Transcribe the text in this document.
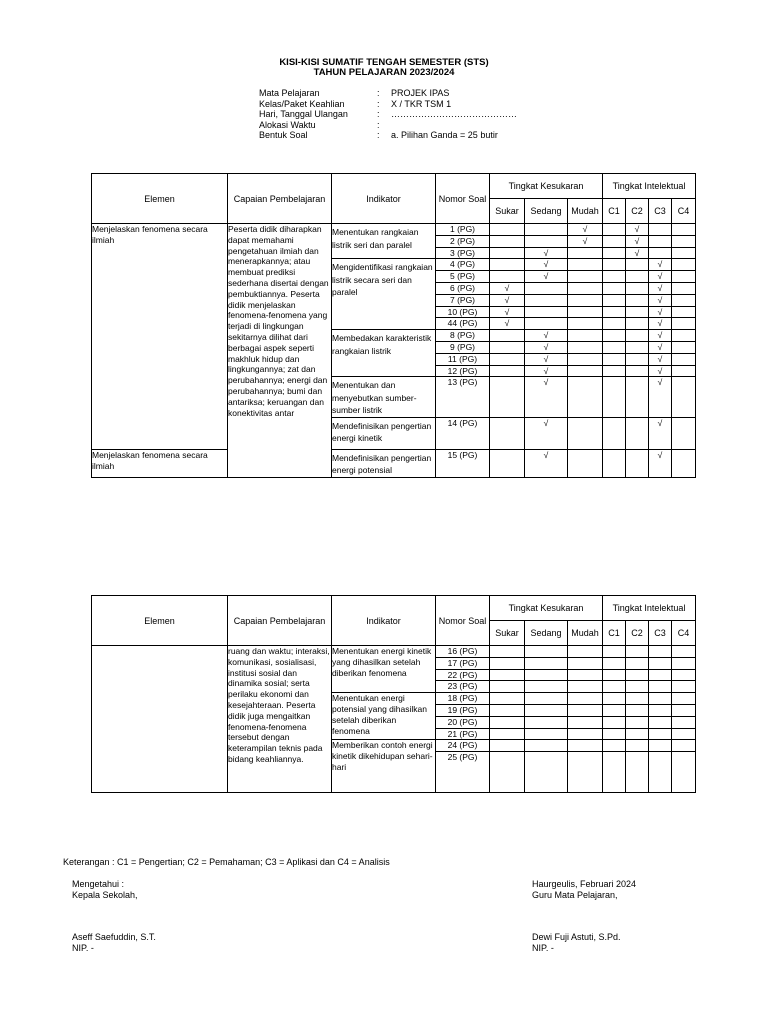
KISI-KISI SUMATIF TENGAH SEMESTER (STS)
TAHUN PELAJARAN 2023/2024
Mata Pelajaran	:	PROJEK IPAS
Kelas/Paket Keahlian	:	X / TKR TSM 1
Hari, Tanggal Ulangan	:	……………………………………
Alokasi Waktu	:
Bentuk Soal	:	a. Pilihan Ganda = 25 butir
Elemen	Capaian Pembelajaran	Indikator	Nomor Soal	Tingkat Kesukaran			Tingkat Intelektual			
				Sukar	Sedang	Mudah	C1	C2	C3	C4
Menjelaskan fenomena secara ilmiah	Peserta didik diharapkan dapat memahami pengetahuan ilmiah dan menerapkannya; atau membuat prediksi sederhana disertai dengan pembuktiannya. Peserta didik menjelaskan fenomena-fenomena yang terjadi di lingkungan sekitarnya dilihat dari berbagai aspek seperti makhluk hidup dan lingkungannya; zat dan perubahannya; energi dan perubahannya; bumi dan antariksa; keruangan dan konektivitas antar	Menentukan rangkaian listrik seri dan paralel	1 (PG)			√		√		
			2 (PG)			√		√		
			3 (PG)		√			√		
		Mengidentifikasi rangkaian listrik secara seri dan paralel	4 (PG)		√				√	
			5 (PG)		√				√	
			6 (PG)	√					√	
			7 (PG)	√					√	
			10 (PG)	√					√	
			44 (PG)	√					√	
		Membedakan karakteristik rangkaian listrik	8 (PG)		√				√	
			9 (PG)		√				√	
			11 (PG)		√				√	
			12 (PG)		√				√	
		Menentukan dan menyebutkan sumber-sumber listrik	13 (PG)		√				√	
		Mendefinisikan pengertian energi kinetik	14 (PG)		√				√	
Menjelaskan fenomena secara ilmiah		Mendefinisikan pengertian energi potensial	15 (PG)		√				√	
Elemen	Capaian Pembelajaran	Indikator	Nomor Soal	Tingkat Kesukaran			Tingkat Intelektual			
				Sukar	Sedang	Mudah	C1	C2	C3	C4
	ruang dan waktu; interaksi, komunikasi, sosialisasi, institusi sosial dan dinamika sosial; serta perilaku ekonomi dan kesejahteraan. Peserta didik juga mengaitkan fenomena-fenomena tersebut dengan keterampilan teknis pada bidang keahliannya.	Menentukan energi kinetik yang dihasilkan setelah diberikan fenomena	16 (PG)							
			17 (PG)							
			22 (PG)							
			23 (PG)							
		Menentukan energi potensial yang dihasilkan setelah diberikan fenomena	18 (PG)							
			19 (PG)							
			20 (PG)							
			21 (PG)							
		Memberikan contoh energi kinetik dikehidupan sehari-hari	24 (PG)							
			25 (PG)							
Keterangan : C1 = Pengertian; C2 = Pemahaman; C3 = Aplikasi dan C4 = Analisis
Mengetahui :
Kepala Sekolah,
Aseff Saefuddin, S.T.
NIP. -
Haurgeulis, Februari 2024
Guru Mata Pelajaran,
Dewi Fuji Astuti, S.Pd.
NIP. -
